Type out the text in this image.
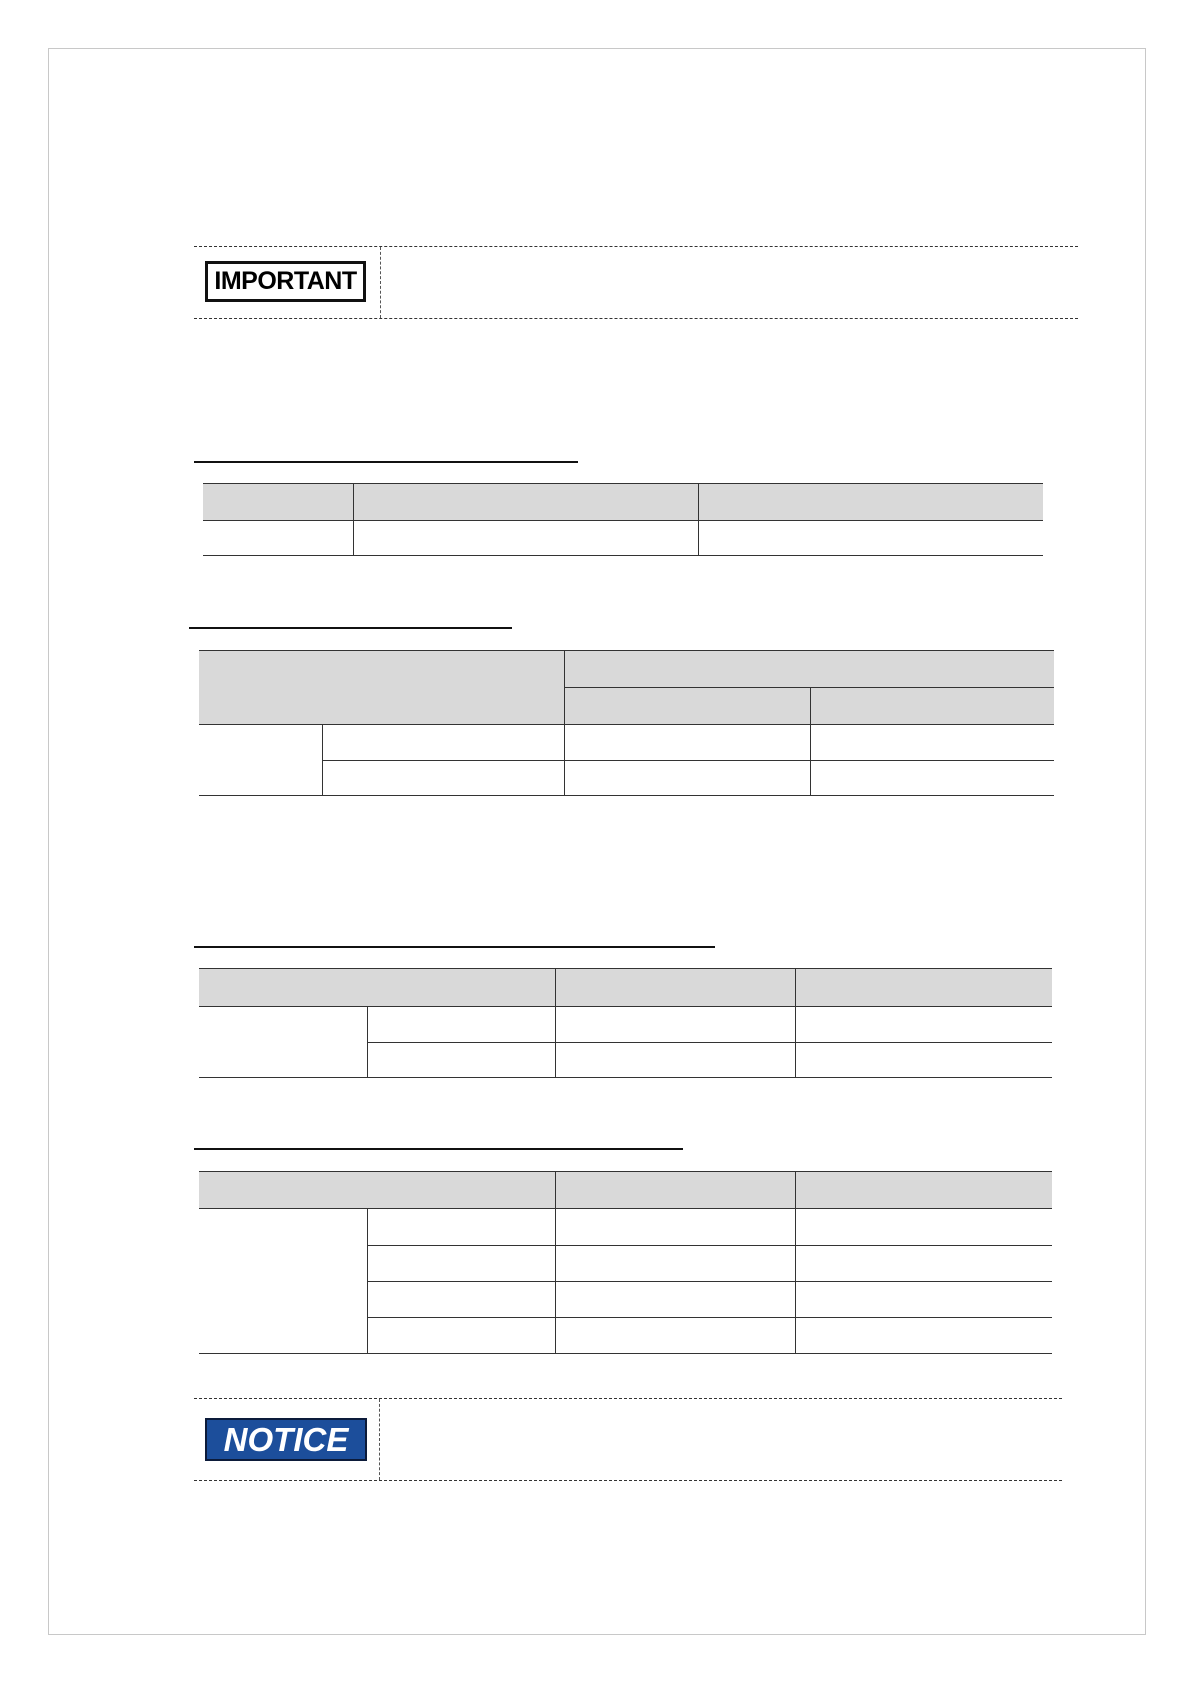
IMPORTANT
NOTICE
